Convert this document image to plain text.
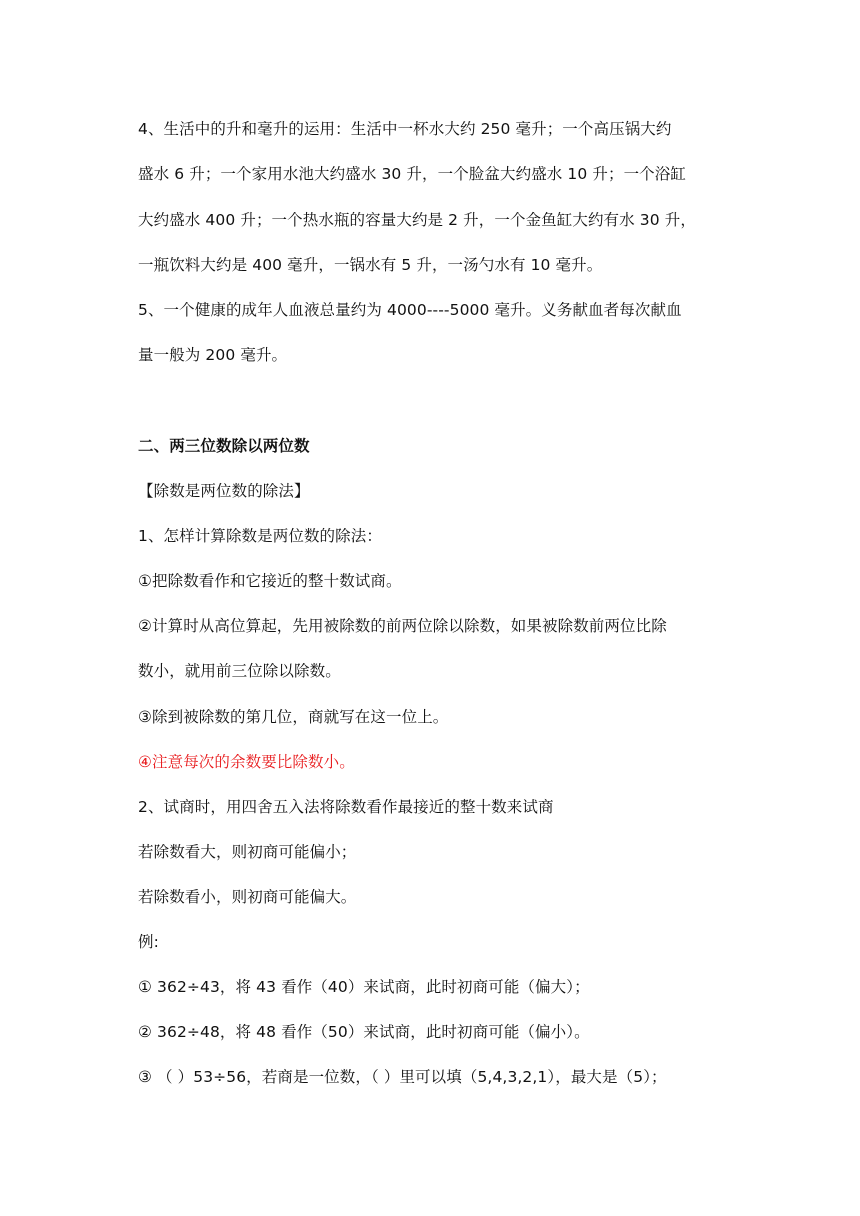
4、生活中的升和毫升的运用：生活中一杯水大约 250 毫升；一个高压锅大约
盛水 6 升；一个家用水池大约盛水 30 升，一个脸盆大约盛水 10 升；一个浴缸
大约盛水 400 升；一个热水瓶的容量大约是 2 升，一个金鱼缸大约有水 30 升，
一瓶饮料大约是 400 毫升，一锅水有 5 升，一汤勺水有 10 毫升。
5、一个健康的成年人血液总量约为 4000----5000 毫升。义务献血者每次献血
量一般为 200 毫升。
二、两三位数除以两位数
【除数是两位数的除法】
1、怎样计算除数是两位数的除法：
①把除数看作和它接近的整十数试商。
②计算时从高位算起，先用被除数的前两位除以除数，如果被除数前两位比除
数小，就用前三位除以除数。
③除到被除数的第几位，商就写在这一位上。
④注意每次的余数要比除数小。
2、试商时，用四舍五入法将除数看作最接近的整十数来试商
若除数看大，则初商可能偏小；
若除数看小，则初商可能偏大。
例:
① 362÷43，将 43 看作（40）来试商，此时初商可能（偏大）；
② 362÷48，将 48 看作（50）来试商，此时初商可能（偏小）。
③ （ ）53÷56，若商是一位数，（ ）里可以填（5,4,3,2,1），最大是（5）；
